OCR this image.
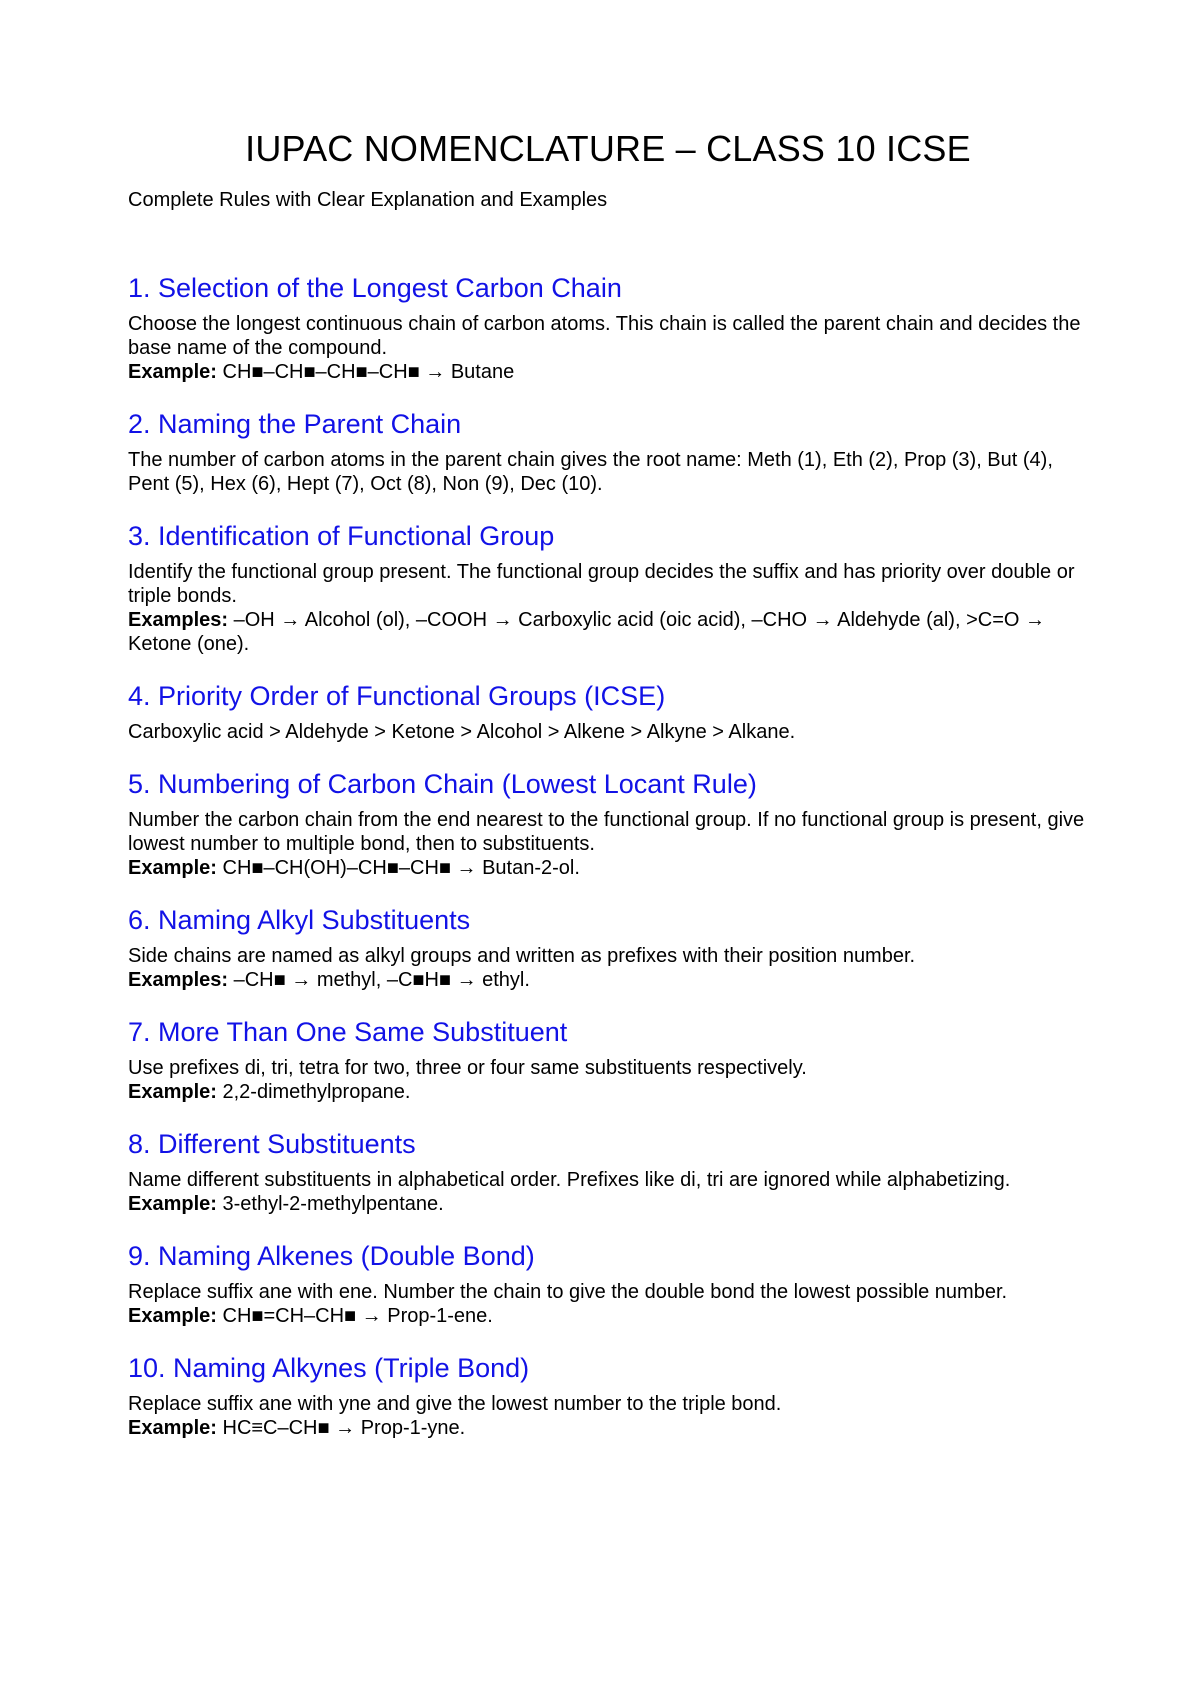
IUPAC NOMENCLATURE – CLASS 10 ICSE

Complete Rules with Clear Explanation and Examples

1. Selection of the Longest Carbon Chain

Choose the longest continuous chain of carbon atoms. This chain is called the parent chain and decides the base name of the compound.

Example: CH■–CH■–CH■–CH■ → Butane

2. Naming the Parent Chain

The number of carbon atoms in the parent chain gives the root name: Meth (1), Eth (2), Prop (3), But (4), Pent (5), Hex (6), Hept (7), Oct (8), Non (9), Dec (10).

3. Identification of Functional Group

Identify the functional group present. The functional group decides the suffix and has priority over double or triple bonds.

Examples: –OH → Alcohol (ol), –COOH → Carboxylic acid (oic acid), –CHO → Aldehyde (al), >C=O → Ketone (one).

4. Priority Order of Functional Groups (ICSE)

Carboxylic acid > Aldehyde > Ketone > Alcohol > Alkene > Alkyne > Alkane.

5. Numbering of Carbon Chain (Lowest Locant Rule)

Number the carbon chain from the end nearest to the functional group. If no functional group is present, give lowest number to multiple bond, then to substituents.

Example: CH■–CH(OH)–CH■–CH■ → Butan-2-ol.

6. Naming Alkyl Substituents

Side chains are named as alkyl groups and written as prefixes with their position number.

Examples: –CH■ → methyl, –C■H■ → ethyl.

7. More Than One Same Substituent

Use prefixes di, tri, tetra for two, three or four same substituents respectively.

Example: 2,2-dimethylpropane.

8. Different Substituents

Name different substituents in alphabetical order. Prefixes like di, tri are ignored while alphabetizing.

Example: 3-ethyl-2-methylpentane.

9. Naming Alkenes (Double Bond)

Replace suffix ane with ene. Number the chain to give the double bond the lowest possible number.

Example: CH■=CH–CH■ → Prop-1-ene.

10. Naming Alkynes (Triple Bond)

Replace suffix ane with yne and give the lowest number to the triple bond.

Example: HC≡C–CH■ → Prop-1-yne.
